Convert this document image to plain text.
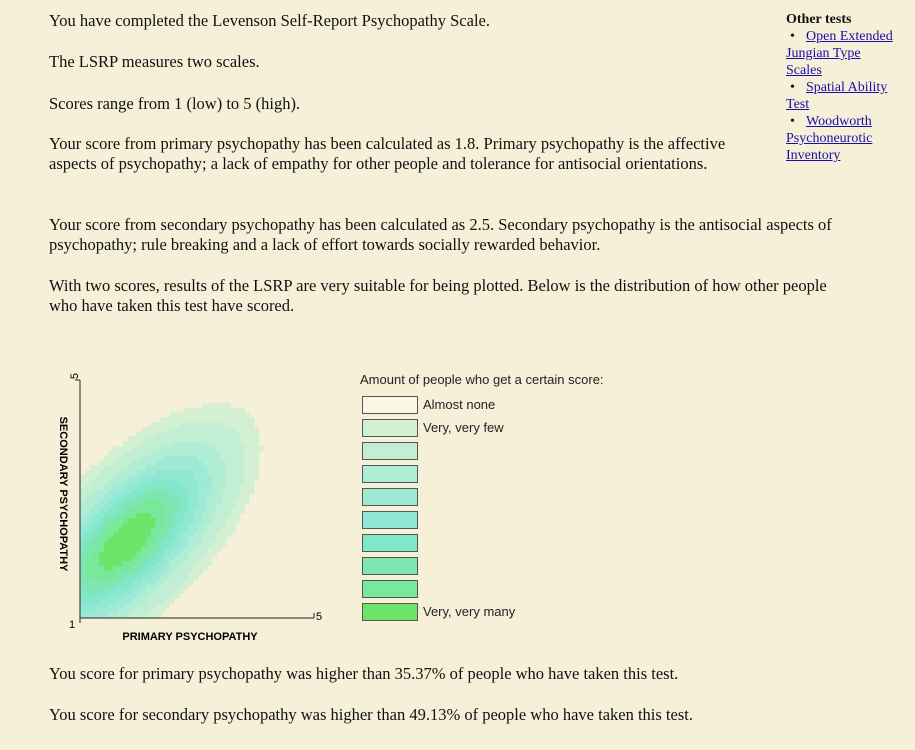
You have completed the Levenson Self-Report Psychopathy Scale.

The LSRP measures two scales.

Scores range from 1 (low) to 5 (high).

Your score from primary psychopathy has been calculated as 1.8. Primary psychopathy is the affective aspects of psychopathy; a lack of empathy for other people and tolerance for antisocial orientations.

Your score from secondary psychopathy has been calculated as 2.5. Secondary psychopathy is the antisocial aspects of psychopathy; rule breaking and a lack of effort towards socially rewarded behavior.

With two scores, results of the LSRP are very suitable for being plotted. Below is the distribution of how other people who have taken this test have scored.

You score for primary psychopathy was higher than 35.37% of people who have taken this test.

You score for secondary psychopathy was higher than 49.13% of people who have taken this test.

Other tests
• Open Extended Jungian Type Scales
• Spatial Ability Test
• Woodworth Psychoneurotic Inventory
5
1
5
PRIMARY PSYCHOPATHY
SECONDARY PSYCHOPATHY
Amount of people who get a certain score:
Almost none
Very, very few
Very, very many
